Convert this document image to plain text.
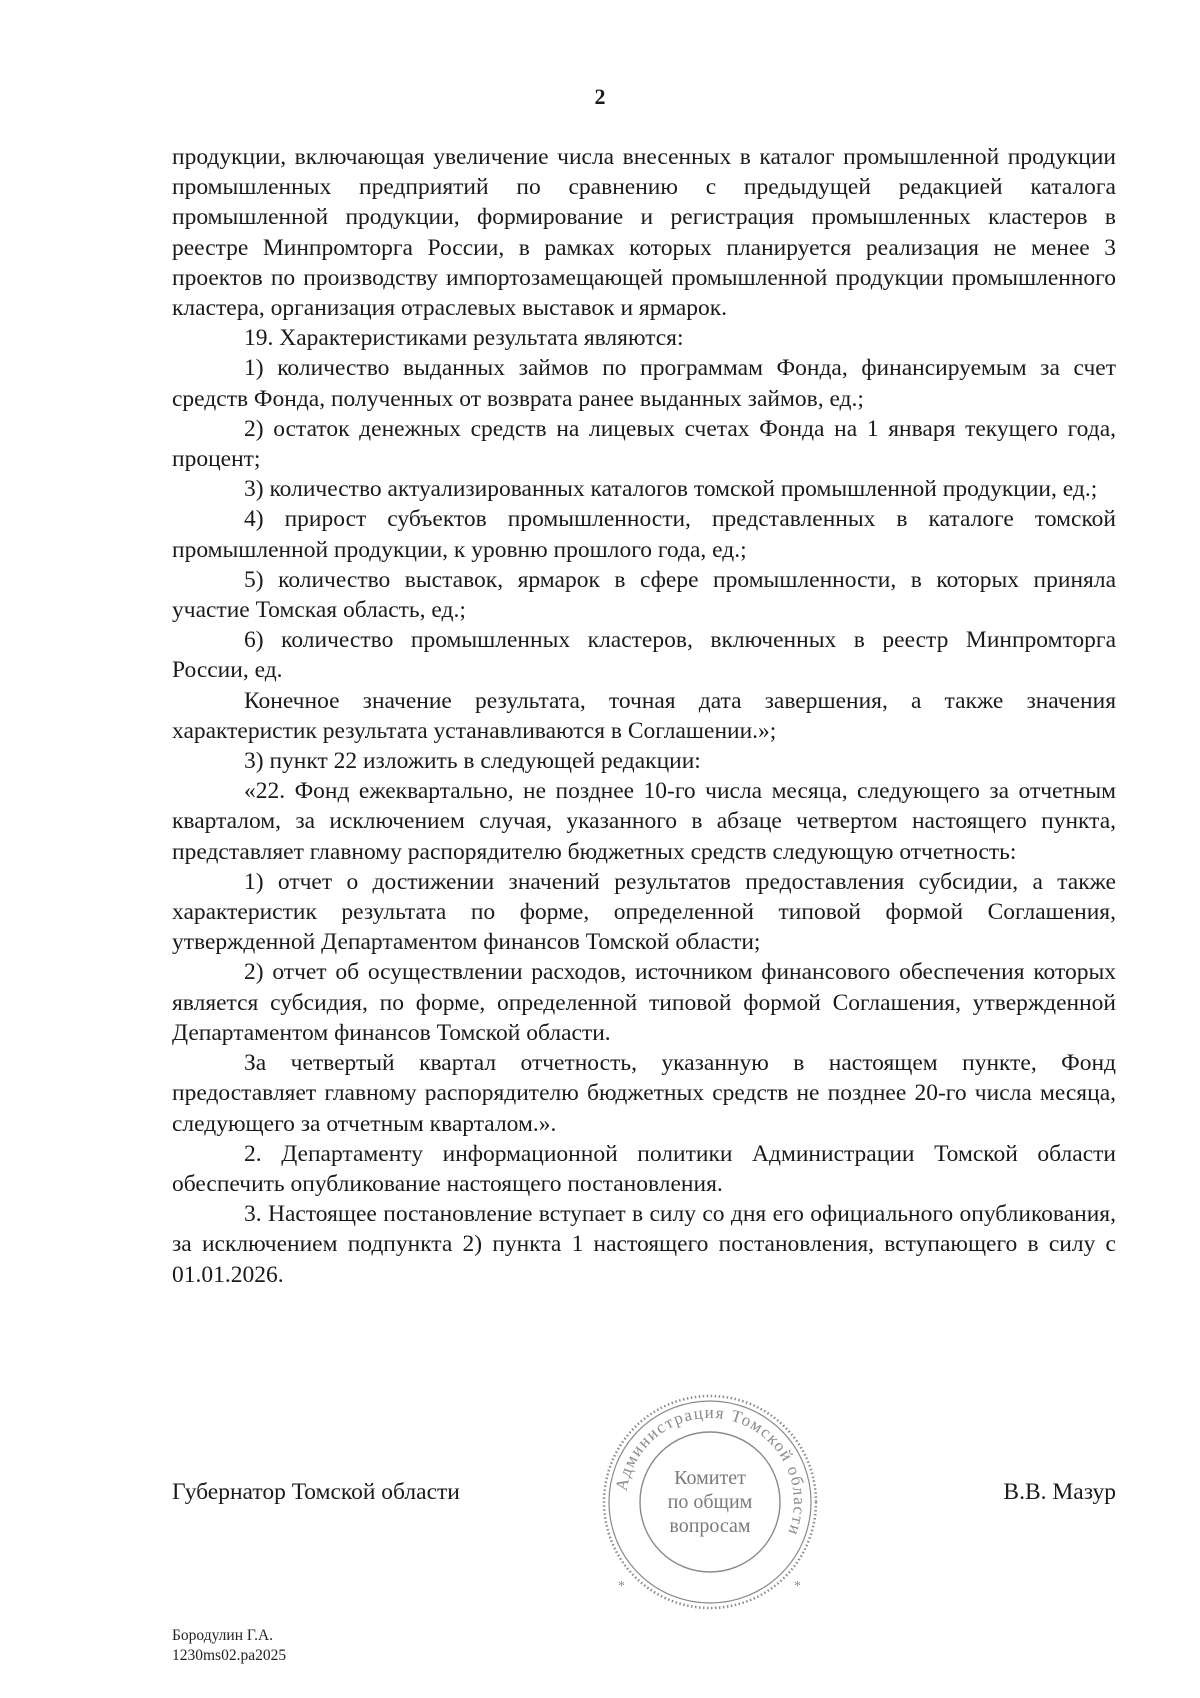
2

продукции, включающая увеличение числа внесенных в каталог промышленной продукции промышленных предприятий по сравнению с предыдущей редакцией каталога промышленной продукции, формирование и регистрация промышленных кластеров в реестре Минпромторга России, в рамках которых планируется реализация не менее 3 проектов по производству импортозамещающей промышленной продукции промышленного кластера, организация отраслевых выставок и ярмарок.

19. Характеристиками результата являются:

1) количество выданных займов по программам Фонда, финансируемым за счет средств Фонда, полученных от возврата ранее выданных займов, ед.;

2) остаток денежных средств на лицевых счетах Фонда на 1 января текущего года, процент;

3) количество актуализированных каталогов томской промышленной продукции, ед.;

4) прирост субъектов промышленности, представленных в каталоге томской промышленной продукции, к уровню прошлого года, ед.;

5) количество выставок, ярмарок в сфере промышленности, в которых приняла участие Томская область, ед.;

6) количество промышленных кластеров, включенных в реестр Минпромторга России, ед.

Конечное значение результата, точная дата завершения, а также значения характеристик результата устанавливаются в Соглашении.»;

3) пункт 22 изложить в следующей редакции:

«22. Фонд ежеквартально, не позднее 10-го числа месяца, следующего за отчетным кварталом, за исключением случая, указанного в абзаце четвертом настоящего пункта, представляет главному распорядителю бюджетных средств следующую отчетность:

1) отчет о достижении значений результатов предоставления субсидии, а также характеристик результата по форме, определенной типовой формой Соглашения, утвержденной Департаментом финансов Томской области;

2) отчет об осуществлении расходов, источником финансового обеспечения которых является субсидия, по форме, определенной типовой формой Соглашения, утвержденной Департаментом финансов Томской области.

За четвертый квартал отчетность, указанную в настоящем пункте, Фонд предоставляет главному распорядителю бюджетных средств не позднее 20-го числа месяца, следующего за отчетным кварталом.».

2. Департаменту информационной политики Администрации Томской области обеспечить опубликование настоящего постановления.

3. Настоящее постановление вступает в силу со дня его официального опубликования, за исключением подпункта 2) пункта 1 настоящего постановления, вступающего в силу с 01.01.2026.

Губернатор Томской области	В.В. Мазур
Администрация Томской области
*	*
Комитет
по общим
вопросам
Бородулин Г.А.
1230ms02.pa2025
